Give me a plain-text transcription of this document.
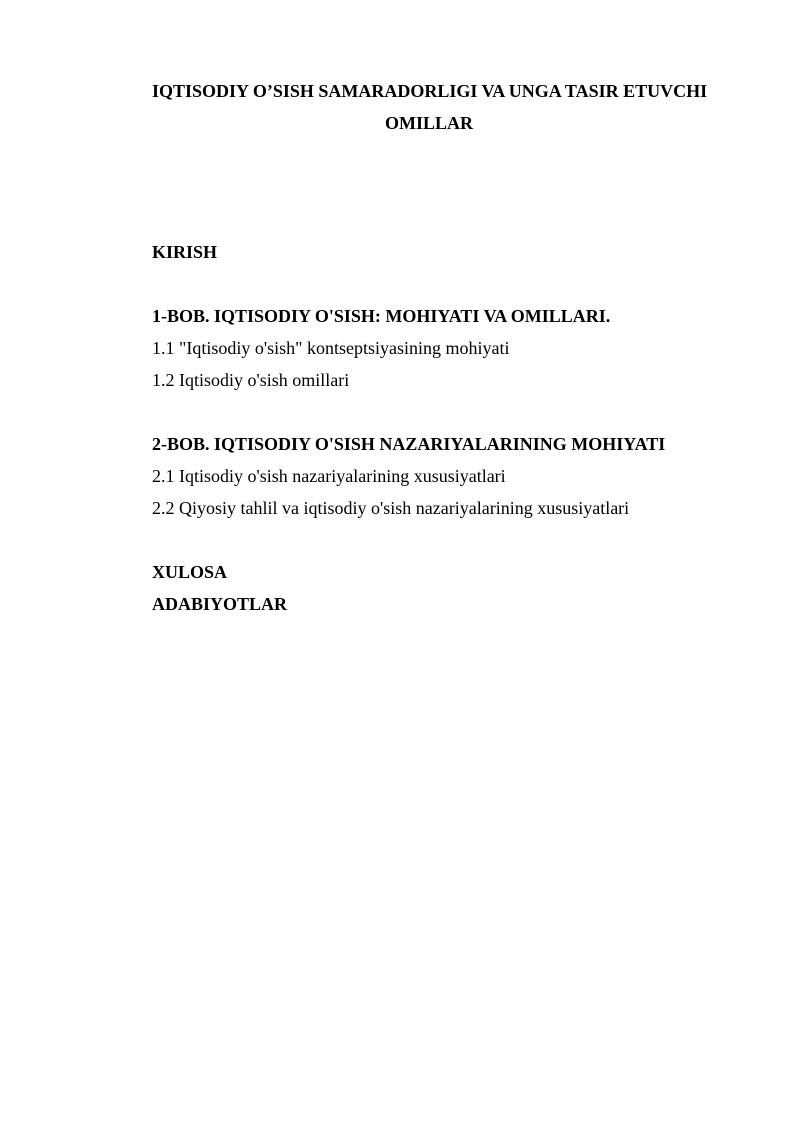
IQTISODIY O’SISH SAMARADORLIGI VA UNGA TASIR ETUVCHI
OMILLAR
KIRISH
1-BOB. IQTISODIY O'SISH: MOHIYATI VA OMILLARI.
1.1 "Iqtisodiy o'sish" kontseptsiyasining mohiyati
1.2 Iqtisodiy o'sish omillari
2-BOB. IQTISODIY O'SISH NAZARIYALARINING MOHIYATI
2.1 Iqtisodiy o'sish nazariyalarining xususiyatlari
2.2 Qiyosiy tahlil va iqtisodiy o'sish nazariyalarining xususiyatlari
XULOSA
ADABIYOTLAR
